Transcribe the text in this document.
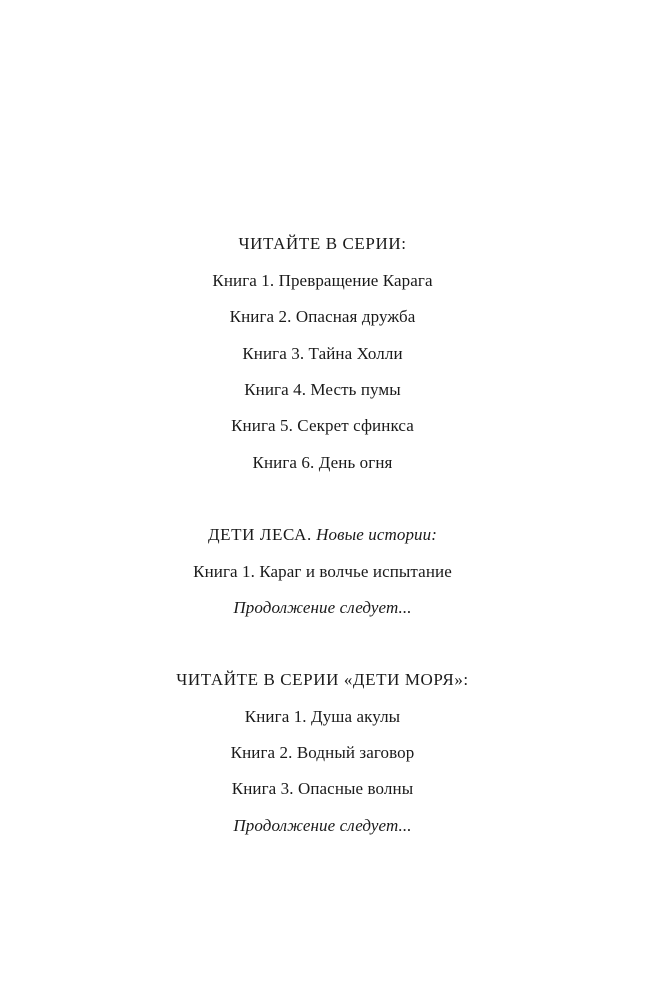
ЧИТАЙТЕ В СЕРИИ:
Книга 1. Превращение Карага
Книга 2. Опасная дружба
Книга 3. Тайна Холли
Книга 4. Месть пумы
Книга 5. Секрет сфинкса
Книга 6. День огня
ДЕТИ ЛЕСА. Новые истории:
Книга 1. Караг и волчье испытание
Продолжение следует...
ЧИТАЙТЕ В СЕРИИ «ДЕТИ МОРЯ»:
Книга 1. Душа акулы
Книга 2. Водный заговор
Книга 3. Опасные волны
Продолжение следует...
